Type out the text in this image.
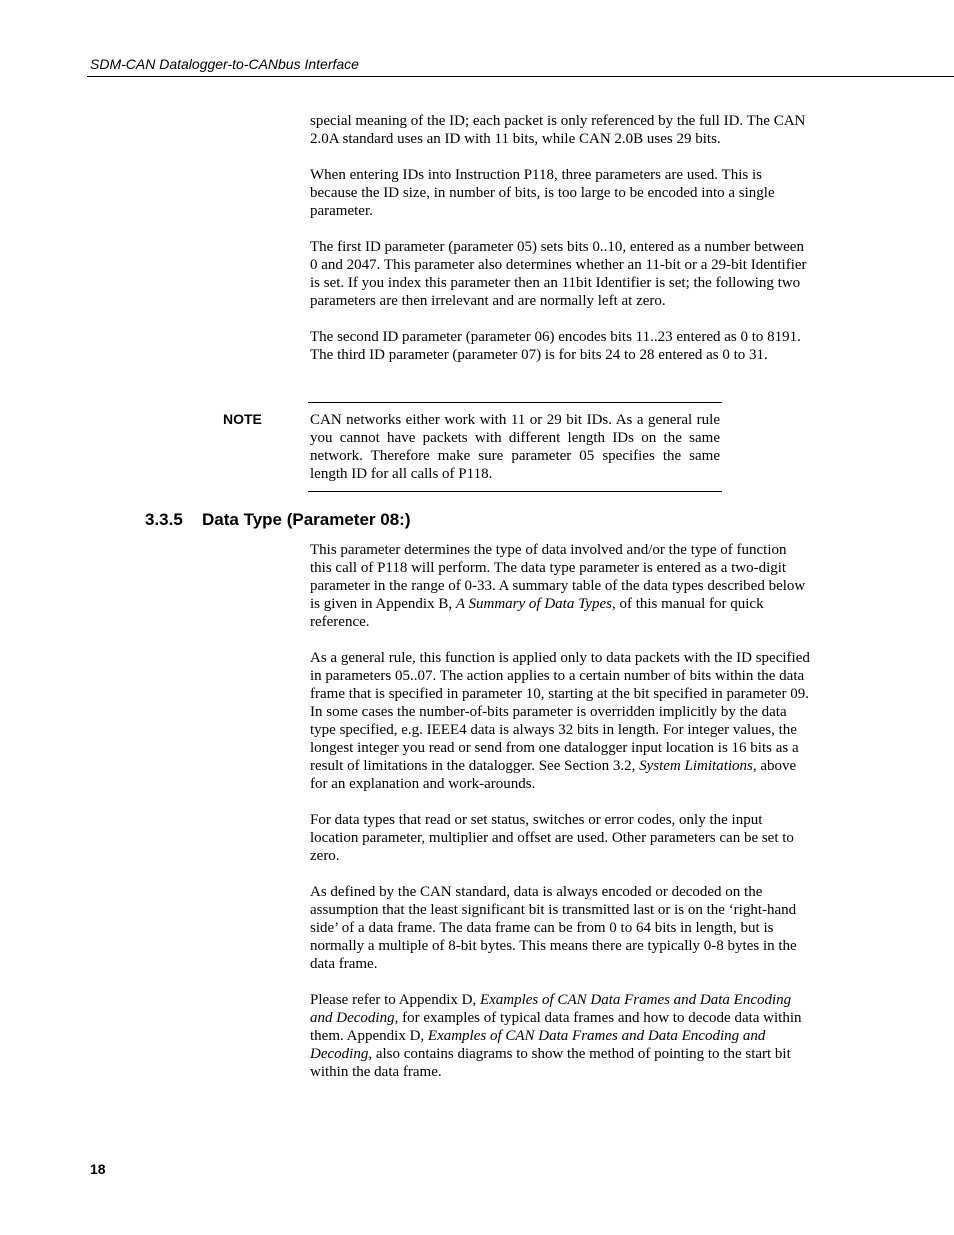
SDM-CAN Datalogger-to-CANbus Interface

special meaning of the ID; each packet is only referenced by the full ID. The CAN 2.0A standard uses an ID with 11 bits, while CAN 2.0B uses 29 bits.

When entering IDs into Instruction P118, three parameters are used. This is because the ID size, in number of bits, is too large to be encoded into a single parameter.

The first ID parameter (parameter 05) sets bits 0..10, entered as a number between 0 and 2047. This parameter also determines whether an 11-bit or a 29-bit Identifier is set. If you index this parameter then an 11bit Identifier is set; the following two parameters are then irrelevant and are normally left at zero.

The second ID parameter (parameter 06) encodes bits 11..23 entered as 0 to 8191. The third ID parameter (parameter 07) is for bits 24 to 28 entered as 0 to 31.

NOTE	CAN networks either work with 11 or 29 bit IDs. As a general rule you cannot have packets with different length IDs on the same network. Therefore make sure parameter 05 specifies the same length ID for all calls of P118.
3.3.5 Data Type (Parameter 08:)

This parameter determines the type of data involved and/or the type of function this call of P118 will perform. The data type parameter is entered as a two-digit parameter in the range of 0-33. A summary table of the data types described below is given in Appendix B, A Summary of Data Types, of this manual for quick reference.

As a general rule, this function is applied only to data packets with the ID specified in parameters 05..07. The action applies to a certain number of bits within the data frame that is specified in parameter 10, starting at the bit specified in parameter 09. In some cases the number-of-bits parameter is overridden implicitly by the data type specified, e.g. IEEE4 data is always 32 bits in length. For integer values, the longest integer you read or send from one datalogger input location is 16 bits as a result of limitations in the datalogger. See Section 3.2, System Limitations, above for an explanation and work-arounds.

For data types that read or set status, switches or error codes, only the input location parameter, multiplier and offset are used. Other parameters can be set to zero.

As defined by the CAN standard, data is always encoded or decoded on the assumption that the least significant bit is transmitted last or is on the ‘right-hand side’ of a data frame. The data frame can be from 0 to 64 bits in length, but is normally a multiple of 8-bit bytes. This means there are typically 0-8 bytes in the data frame.

Please refer to Appendix D, Examples of CAN Data Frames and Data Encoding and Decoding, for examples of typical data frames and how to decode data within them. Appendix D, Examples of CAN Data Frames and Data Encoding and Decoding, also contains diagrams to show the method of pointing to the start bit within the data frame.

18
